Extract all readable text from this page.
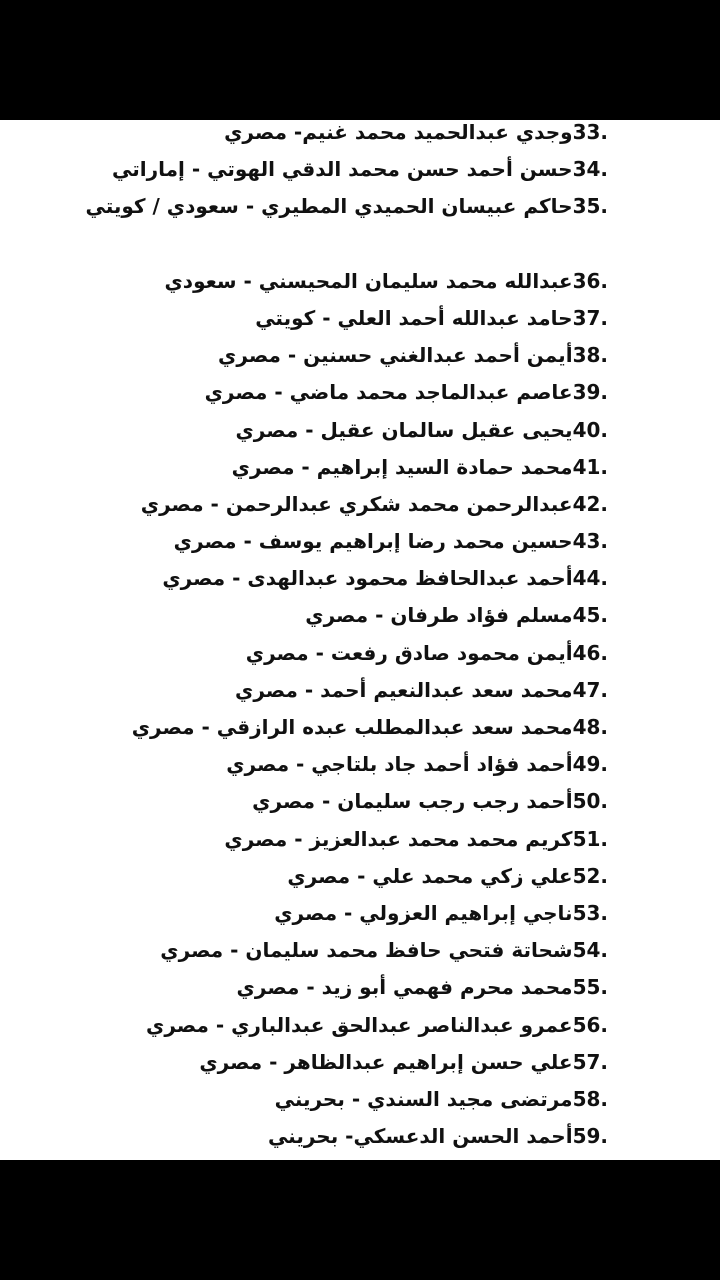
33.وجدي عبدالحميد محمد غنيم- مصري
34.حسن أحمد حسن محمد الدقي الهوتي - إماراتي
35.حاكم عبيسان الحميدي المطيري - سعودي / كويتي
36.عبدالله محمد سليمان المحيسني - سعودي
37.حامد عبدالله أحمد العلي - كويتي
38.أيمن أحمد عبدالغني حسنين - مصري
39.عاصم عبدالماجد محمد ماضي - مصري
40.يحيى عقيل سالمان عقيل - مصري
41.محمد حمادة السيد إبراهيم - مصري
42.عبدالرحمن محمد شكري عبدالرحمن - مصري
43.حسين محمد رضا إبراهيم يوسف - مصري
44.أحمد عبدالحافظ محمود عبدالهدى - مصري
45.مسلم فؤاد طرفان - مصري
46.أيمن محمود صادق رفعت - مصري
47.محمد سعد عبدالنعيم أحمد - مصري
48.محمد سعد عبدالمطلب عبده الرازقي - مصري
49.أحمد فؤاد أحمد جاد بلتاجي - مصري
50.أحمد رجب رجب سليمان - مصري
51.كريم محمد محمد عبدالعزيز - مصري
52.علي زكي محمد علي - مصري
53.ناجي إبراهيم العزولي - مصري
54.شحاتة فتحي حافظ محمد سليمان - مصري
55.محمد محرم فهمي أبو زيد - مصري
56.عمرو عبدالناصر عبدالحق عبدالباري - مصري
57.علي حسن إبراهيم عبدالظاهر - مصري
58.مرتضى مجيد السندي - بحريني
59.أحمد الحسن الدعسكي- بحريني
